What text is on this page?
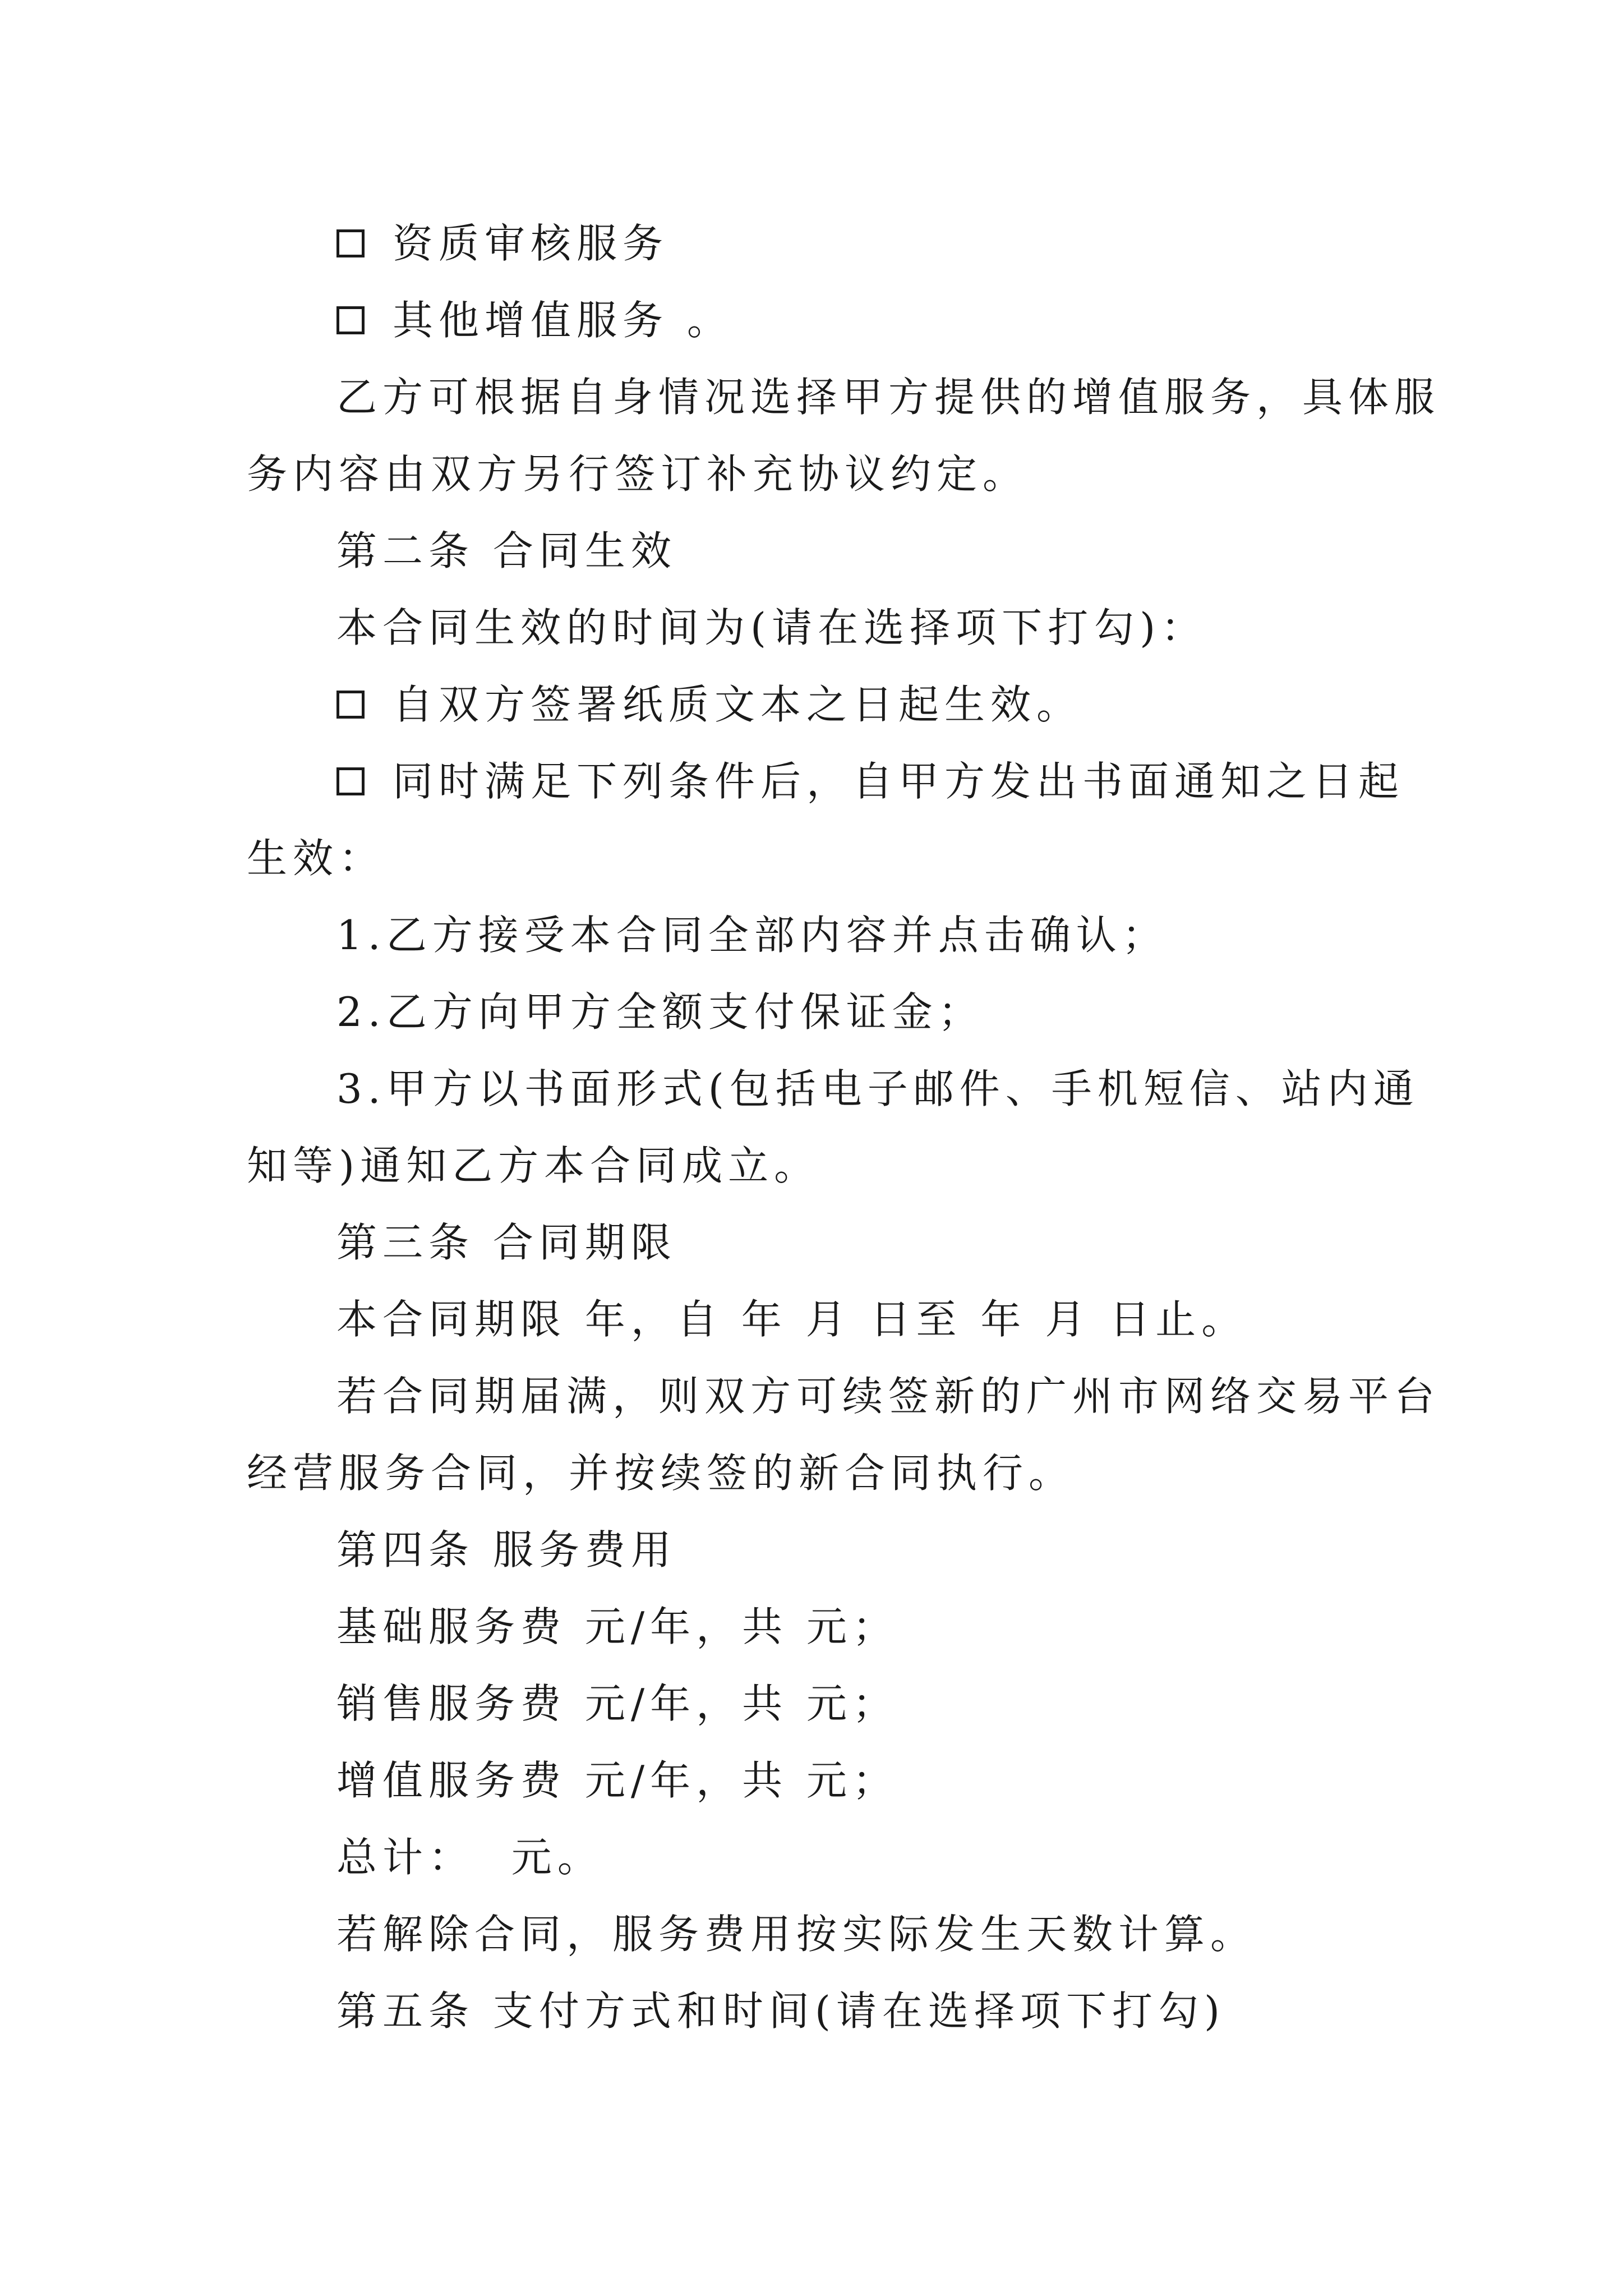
资质审核服务
其他增值服务 。
乙方可根据自身情况选择甲方提供的增值服务，具体服
务内容由双方另行签订补充协议约定。
第二条 合同生效
本合同生效的时间为(请在选择项下打勾)：
自双方签署纸质文本之日起生效。
同时满足下列条件后，自甲方发出书面通知之日起
生效：
1.乙方接受本合同全部内容并点击确认；
2.乙方向甲方全额支付保证金；
3.甲方以书面形式(包括电子邮件、手机短信、站内通
知等)通知乙方本合同成立。
第三条 合同期限
本合同期限 年，自 年 月 日至 年 月 日止。
若合同期届满，则双方可续签新的广州市网络交易平台
经营服务合同，并按续签的新合同执行。
第四条 服务费用
基础服务费 元/年，共 元；
销售服务费 元/年，共 元；
增值服务费 元/年，共 元；
总计：  元。
若解除合同，服务费用按实际发生天数计算。
第五条 支付方式和时间(请在选择项下打勾)
